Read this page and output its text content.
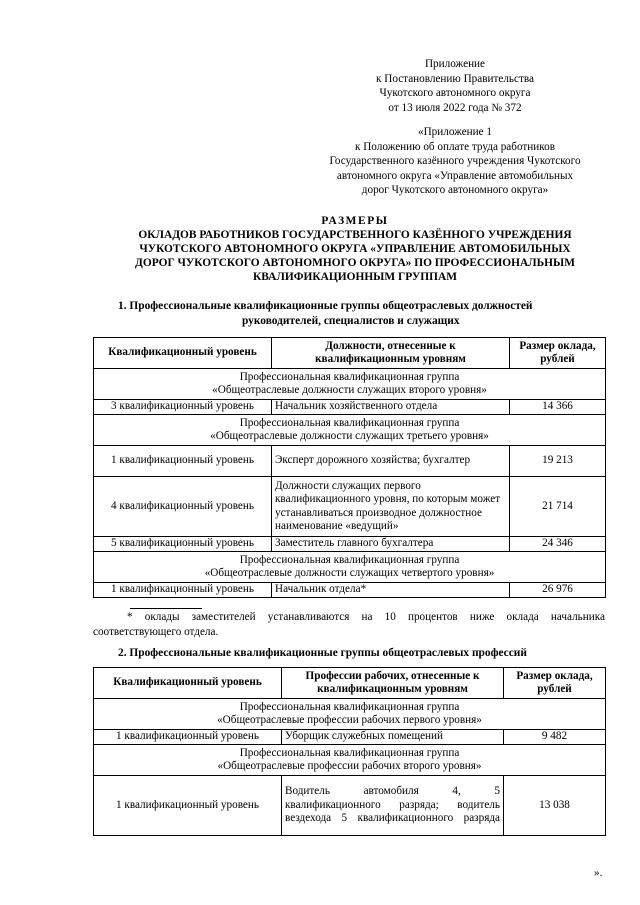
Приложение
к Постановлению Правительства
Чукотского автономного округа
от 13 июля 2022 года № 372
«Приложение 1
к Положению об оплате труда работников
Государственного казённого учреждения Чукотского
автономного округа «Управление автомобильных
дорог Чукотского автономного округа»
РАЗМЕРЫ
ОКЛАДОВ РАБОТНИКОВ ГОСУДАРСТВЕННОГО КАЗЁННОГО УЧРЕЖДЕНИЯ
ЧУКОТСКОГО АВТОНОМНОГО ОКРУГА «УПРАВЛЕНИЕ АВТОМОБИЛЬНЫХ
ДОРОГ ЧУКОТСКОГО АВТОНОМНОГО ОКРУГА» ПО ПРОФЕССИОНАЛЬНЫМ
КВАЛИФИКАЦИОННЫМ ГРУППАМ
1. Профессиональные квалификационные группы общеотраслевых должностей
руководителей, специалистов и служащих
Квалификационный уровень	Должности, отнесенные к квалификационным уровням	Размер оклада, рублей

Профессиональная квалификационная группа
«Общеотраслевые должности служащих второго уровня»		

3 квалификационный уровень	Начальник хозяйственного отдела	14 366

Профессиональная квалификационная группа
«Общеотраслевые должности служащих третьего уровня»		

1 квалификационный уровень	Эксперт дорожного хозяйства; бухгалтер	19 213
4 квалификационный уровень	Должности служащих первого квалификационного уровня, по которым может устанавливаться производное должностное наименование «ведущий»	21 714
5 квалификационный уровень	Заместитель главного бухгалтера	24 346

Профессиональная квалификационная группа
«Общеотраслевые должности служащих четвертого уровня»		

1 квалификационный уровень	Начальник отдела*	26 976
* оклады заместителей устанавливаются на 10 процентов ниже оклада начальника соответствующего отдела.
2. Профессиональные квалификационные группы общеотраслевых профессий
Квалификационный уровень	Профессии рабочих, отнесенные к квалификационным уровням	Размер оклада, рублей

Профессиональная квалификационная группа
«Общеотраслевые профессии рабочих первого уровня»		

1 квалификационный уровень	Уборщик служебных помещений	9 482

Профессиональная квалификационная группа
«Общеотраслевые профессии рабочих второго уровня»		

1 квалификационный уровень	Водитель автомобиля 4, 5 квалификационного разряда; водитель вездехода 5 квалификационного разряда	13 038
».
